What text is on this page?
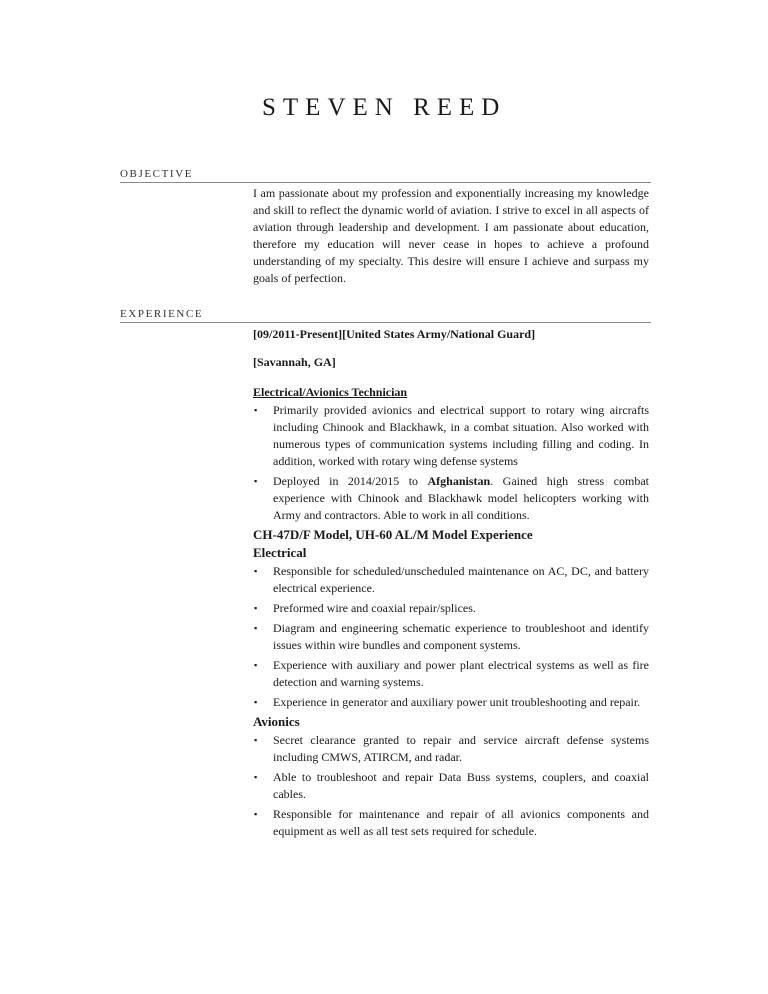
STEVEN REED
OBJECTIVE
I am passionate about my profession and exponentially increasing my knowledge and skill to reflect the dynamic world of aviation. I strive to excel in all aspects of aviation through leadership and development. I am passionate about education, therefore my education will never cease in hopes to achieve a profound understanding of my specialty. This desire will ensure I achieve and surpass my goals of perfection.
EXPERIENCE

[09/2011-Present][United States Army/National Guard]

[Savannah, GA]

Electrical/Avionics Technician

▪ Primarily provided avionics and electrical support to rotary wing aircrafts including Chinook and Blackhawk, in a combat situation. Also worked with numerous types of communication systems including filling and coding. In addition, worked with rotary wing defense systems
▪ Deployed in 2014/2015 to Afghanistan. Gained high stress combat experience with Chinook and Blackhawk model helicopters working with Army and contractors. Able to work in all conditions.

CH-47D/F Model, UH-60 AL/M Model Experience

Electrical

▪ Responsible for scheduled/unscheduled maintenance on AC, DC, and battery electrical experience.
▪ Preformed wire and coaxial repair/splices.
▪ Diagram and engineering schematic experience to troubleshoot and identify issues within wire bundles and component systems.
▪ Experience with auxiliary and power plant electrical systems as well as fire detection and warning systems.
▪ Experience in generator and auxiliary power unit troubleshooting and repair.

Avionics

▪ Secret clearance granted to repair and service aircraft defense systems including CMWS, ATIRCM, and radar.
▪ Able to troubleshoot and repair Data Buss systems, couplers, and coaxial cables.
▪ Responsible for maintenance and repair of all avionics components and equipment as well as all test sets required for schedule.
